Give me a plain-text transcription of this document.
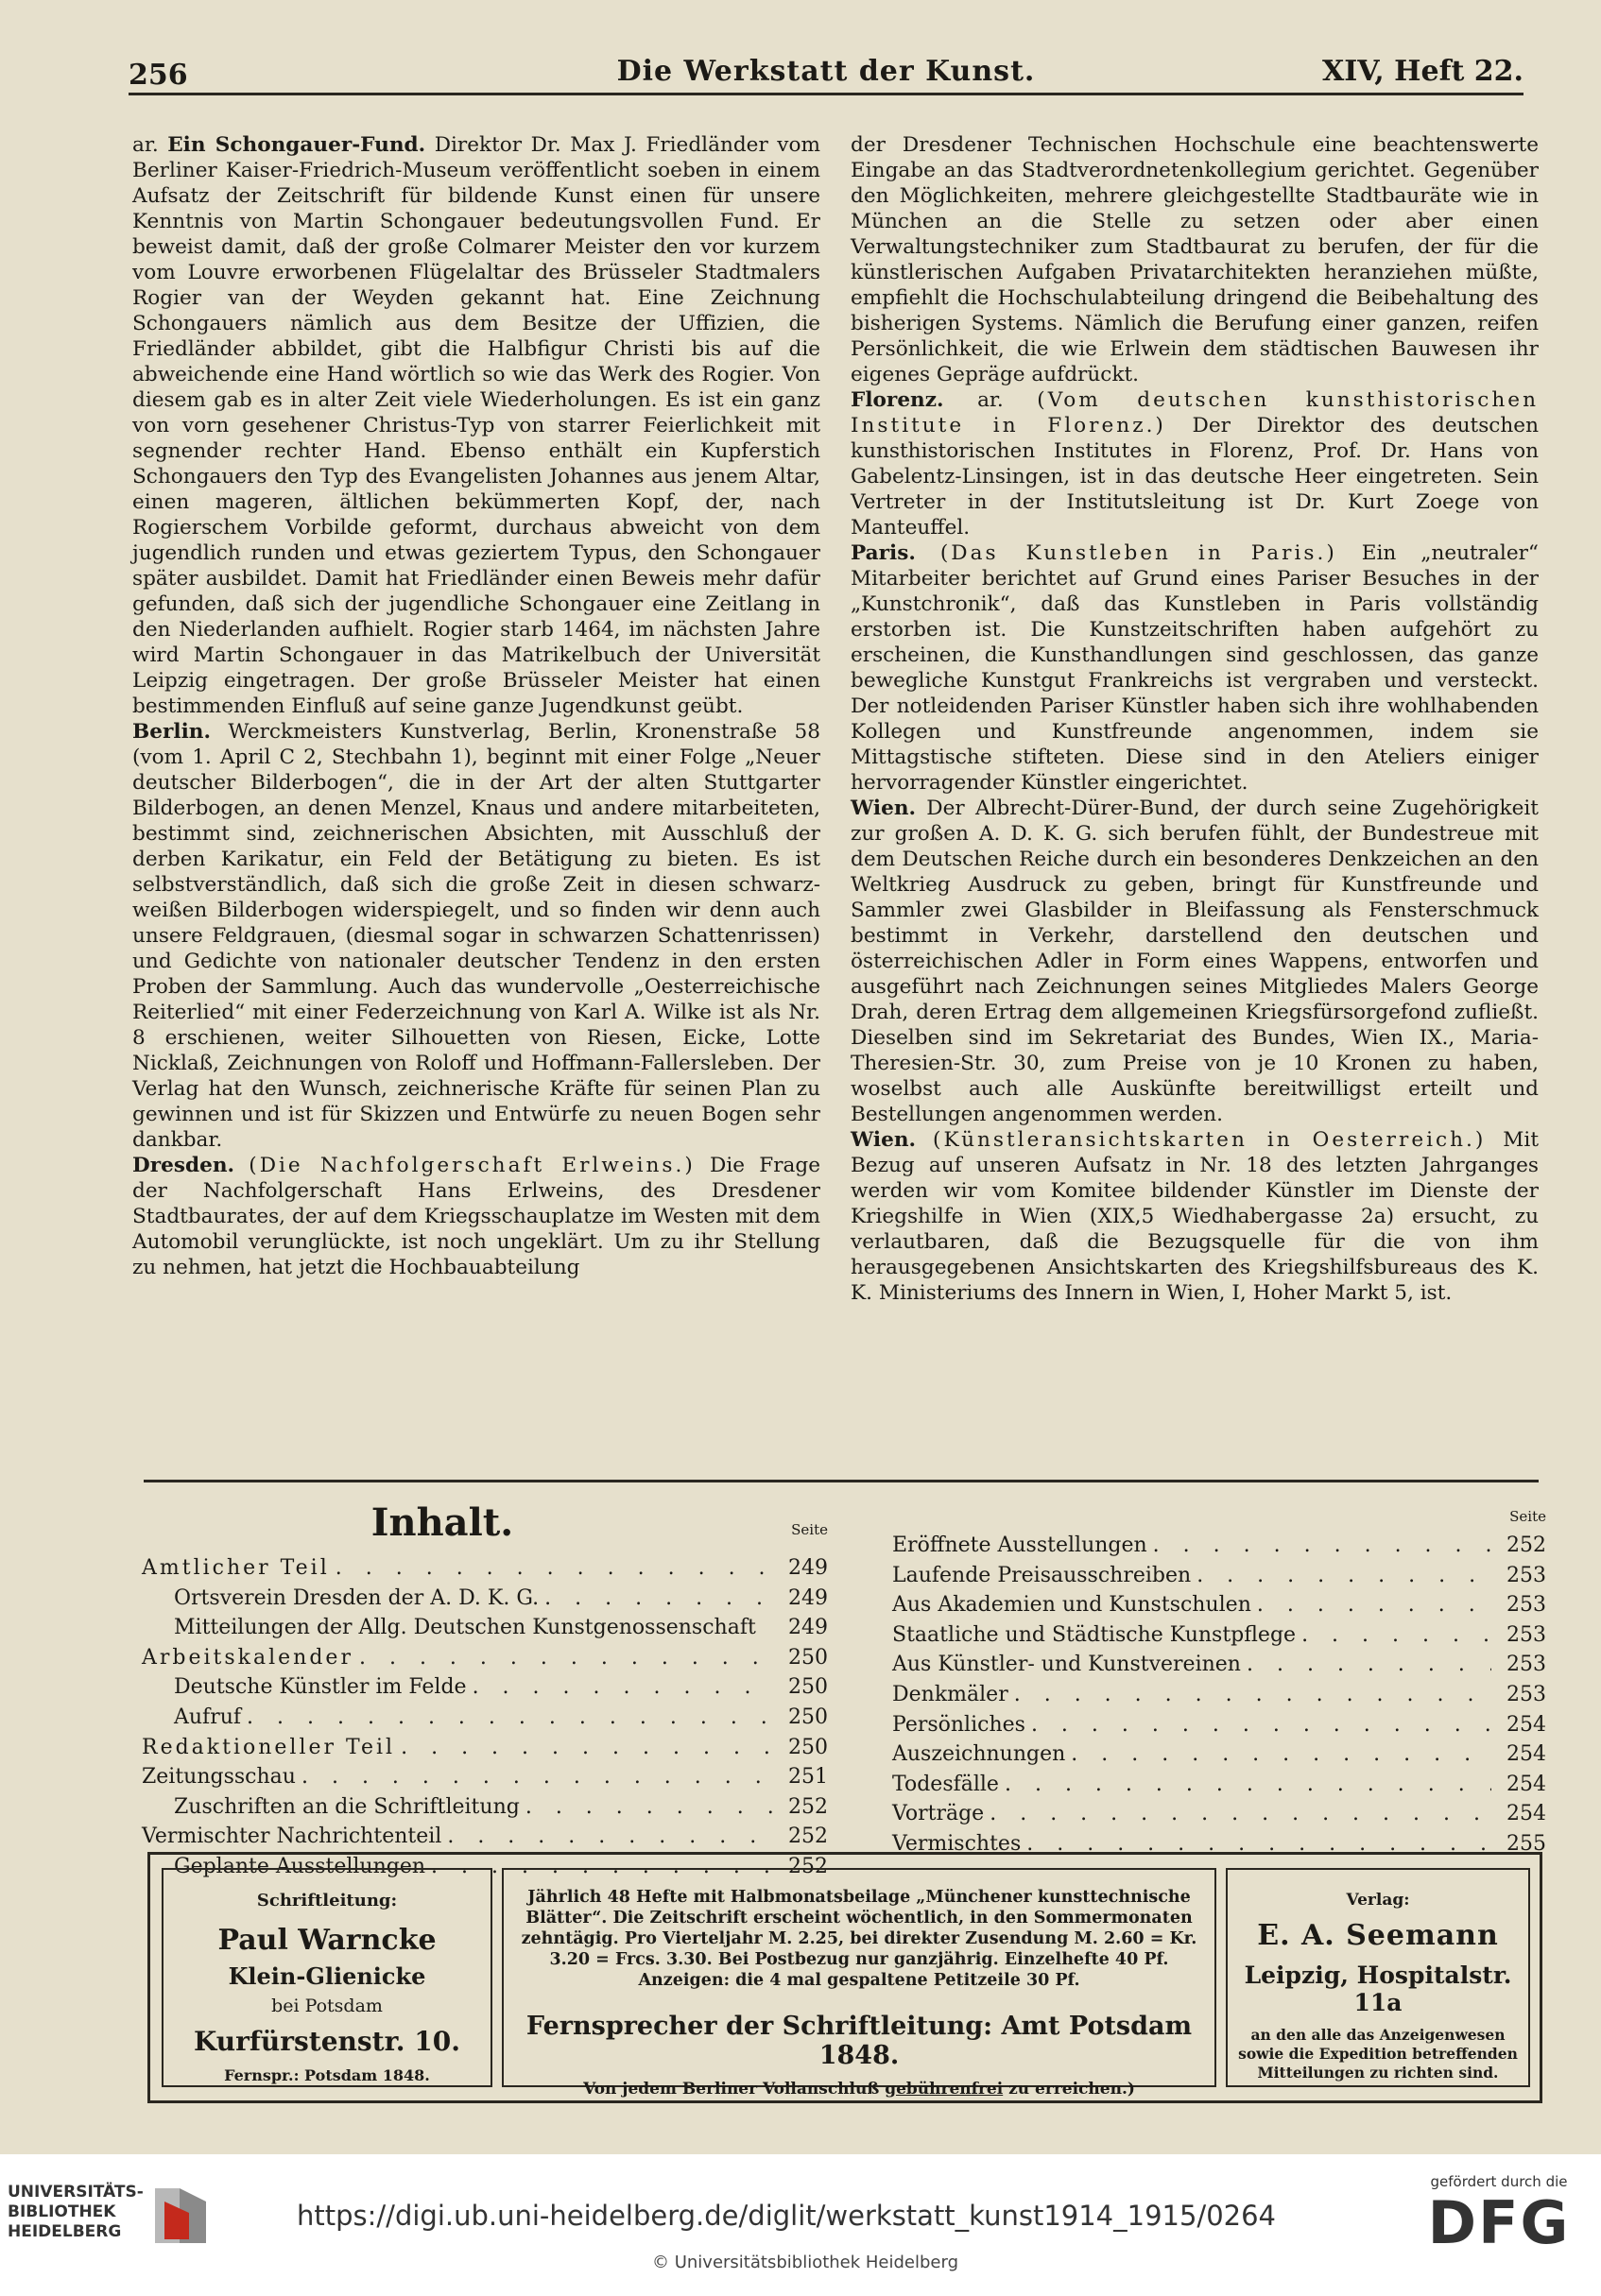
256	Die Werkstatt der Kunst.	XIV, Heft 22.

ar. Ein Schongauer-Fund. Direktor Dr. Max J. Friedländer vom Berliner Kaiser-Friedrich-Museum veröffentlicht soeben in einem Aufsatz der Zeitschrift für bildende Kunst einen für unsere Kenntnis von Martin Schongauer bedeutungsvollen Fund. Er beweist damit, daß der große Colmarer Meister den vor kurzem vom Louvre erworbenen Flügelaltar des Brüsseler Stadtmalers Rogier van der Weyden gekannt hat. Eine Zeichnung Schongauers nämlich aus dem Besitze der Uffizien, die Friedländer abbildet, gibt die Halbfigur Christi bis auf die abweichende eine Hand wörtlich so wie das Werk des Rogier. Von diesem gab es in alter Zeit viele Wiederholungen. Es ist ein ganz von vorn gesehener Christus-Typ von starrer Feierlichkeit mit segnender rechter Hand. Ebenso enthält ein Kupferstich Schongauers den Typ des Evangelisten Johannes aus jenem Altar, einen mageren, ältlichen bekümmerten Kopf, der, nach Rogierschem Vorbilde geformt, durchaus abweicht von dem jugendlich runden und etwas geziertem Typus, den Schongauer später ausbildet. Damit hat Friedländer einen Beweis mehr dafür gefunden, daß sich der jugendliche Schongauer eine Zeitlang in den Niederlanden aufhielt. Rogier starb 1464, im nächsten Jahre wird Martin Schongauer in das Matrikelbuch der Universität Leipzig eingetragen. Der große Brüsseler Meister hat einen bestimmenden Einfluß auf seine ganze Jugendkunst geübt.

Berlin. Werckmeisters Kunstverlag, Berlin, Kronenstraße 58 (vom 1. April C 2, Stechbahn 1), beginnt mit einer Folge „Neuer deutscher Bilderbogen“, die in der Art der alten Stuttgarter Bilderbogen, an denen Menzel, Knaus und andere mitarbeiteten, bestimmt sind, zeichnerischen Absichten, mit Ausschluß der derben Karikatur, ein Feld der Betätigung zu bieten. Es ist selbstverständlich, daß sich die große Zeit in diesen schwarz-weißen Bilderbogen widerspiegelt, und so finden wir denn auch unsere Feldgrauen, (diesmal sogar in schwarzen Schattenrissen) und Gedichte von nationaler deutscher Tendenz in den ersten Proben der Sammlung. Auch das wundervolle „Oesterreichische Reiterlied“ mit einer Federzeichnung von Karl A. Wilke ist als Nr. 8 erschienen, weiter Silhouetten von Riesen, Eicke, Lotte Nicklaß, Zeichnungen von Roloff und Hoffmann-Fallersleben. Der Verlag hat den Wunsch, zeichnerische Kräfte für seinen Plan zu gewinnen und ist für Skizzen und Entwürfe zu neuen Bogen sehr dankbar.

Dresden. (Die Nachfolgerschaft Erlweins.) Die Frage der Nachfolgerschaft Hans Erlweins, des Dresdener Stadtbaurates, der auf dem Kriegsschauplatze im Westen mit dem Automobil verunglückte, ist noch ungeklärt. Um zu ihr Stellung zu nehmen, hat jetzt die Hochbauabteilung

der Dresdener Technischen Hochschule eine beachtenswerte Eingabe an das Stadtverordnetenkollegium gerichtet. Gegenüber den Möglichkeiten, mehrere gleichgestellte Stadtbauräte wie in München an die Stelle zu setzen oder aber einen Verwaltungstechniker zum Stadtbaurat zu berufen, der für die künstlerischen Aufgaben Privatarchitekten heranziehen müßte, empfiehlt die Hochschulabteilung dringend die Beibehaltung des bisherigen Systems. Nämlich die Berufung einer ganzen, reifen Persönlichkeit, die wie Erlwein dem städtischen Bauwesen ihr eigenes Gepräge aufdrückt.

Florenz. ar. (Vom deutschen kunsthistorischen Institute in Florenz.) Der Direktor des deutschen kunsthistorischen Institutes in Florenz, Prof. Dr. Hans von Gabelentz-Linsingen, ist in das deutsche Heer eingetreten. Sein Vertreter in der Institutsleitung ist Dr. Kurt Zoege von Manteuffel.

Paris. (Das Kunstleben in Paris.) Ein „neutraler“ Mitarbeiter berichtet auf Grund eines Pariser Besuches in der „Kunstchronik“, daß das Kunstleben in Paris vollständig erstorben ist. Die Kunstzeitschriften haben aufgehört zu erscheinen, die Kunsthandlungen sind geschlossen, das ganze bewegliche Kunstgut Frankreichs ist vergraben und versteckt. Der notleidenden Pariser Künstler haben sich ihre wohlhabenden Kollegen und Kunstfreunde angenommen, indem sie Mittagstische stifteten. Diese sind in den Ateliers einiger hervorragender Künstler eingerichtet.

Wien. Der Albrecht-Dürer-Bund, der durch seine Zugehörigkeit zur großen A. D. K. G. sich berufen fühlt, der Bundestreue mit dem Deutschen Reiche durch ein besonderes Denkzeichen an den Weltkrieg Ausdruck zu geben, bringt für Kunstfreunde und Sammler zwei Glasbilder in Bleifassung als Fensterschmuck bestimmt in Verkehr, darstellend den deutschen und österreichischen Adler in Form eines Wappens, entworfen und ausgeführt nach Zeichnungen seines Mitgliedes Malers George Drah, deren Ertrag dem allgemeinen Kriegsfürsorgefond zufließt. Dieselben sind im Sekretariat des Bundes, Wien IX., Maria-Theresien-Str. 30, zum Preise von je 10 Kronen zu haben, woselbst auch alle Auskünfte bereitwilligst erteilt und Bestellungen angenommen werden.

Wien. (Künstleransichtskarten in Oesterreich.) Mit Bezug auf unseren Aufsatz in Nr. 18 des letzten Jahrganges werden wir vom Komitee bildender Künstler im Dienste der Kriegshilfe in Wien (XIX,5 Wiedhabergasse 2a) ersucht, zu verlautbaren, daß die Bezugsquelle für die von ihm herausgegebenen Ansichtskarten des Kriegshilfsbureaus des K. K. Ministeriums des Innern in Wien, I, Hoher Markt 5, ist.

Inhalt.	Seite
Amtlicher Teil . . .	249
Ortsverein Dresden der A. D. K. G. . . .	249
Mitteilungen der Allg. Deutschen Kunstgenossenschaft	249
Arbeitskalender . . .	250
Deutsche Künstler im Felde . . .	250
Aufruf . . .	250
Redaktioneller Teil . . .	250
Zeitungsschau . . .	251
Zuschriften an die Schriftleitung . . .	252
Vermischter Nachrichtenteil . . .	252
Geplante Ausstellungen . . .	252
Seite
Eröffnete Ausstellungen . . .	252
Laufende Preisausschreiben . . .	253
Aus Akademien und Kunstschulen . . .	253
Staatliche und Städtische Kunstpflege . . .	253
Aus Künstler- und Kunstvereinen . . .	253
Denkmäler . . .	253
Persönliches . . .	254
Auszeichnungen . . .	254
Todesfälle . . .	254
Vorträge . . .	254
Vermischtes . . .	255
Schriftleitung:
Paul Warncke
Klein-Glienicke
bei Potsdam
Kurfürstenstr. 10.
Fernspr.: Potsdam 1848.
Jährlich 48 Hefte mit Halbmonatsbeilage „Münchener kunsttechnische Blätter“. Die Zeitschrift erscheint wöchentlich, in den Sommermonaten zehntägig. Pro Vierteljahr M. 2.25, bei direkter Zusendung M. 2.60 = Kr. 3.20 = Frcs. 3.30. Bei Postbezug nur ganzjährig. Einzelhefte 40 Pf. Anzeigen: die 4 mal gespaltene Petitzeile 30 Pf.
Fernsprecher der Schriftleitung: Amt Potsdam 1848.
Von jedem Berliner Vollanschluß gebührenfrei zu erreichen.)
Verlag:
E. A. Seemann
Leipzig, Hospitalstr. 11a
an den alle das Anzeigenwesen sowie die Expedition betreffenden Mitteilungen zu richten sind.
UNIVERSITÄTS-
BIBLIOTHEK
HEIDELBERG	https://digi.ub.uni-heidelberg.de/diglit/werkstatt_kunst1914_1915/0264
© Universitätsbibliothek Heidelberg
gefördert durch die
DFG
